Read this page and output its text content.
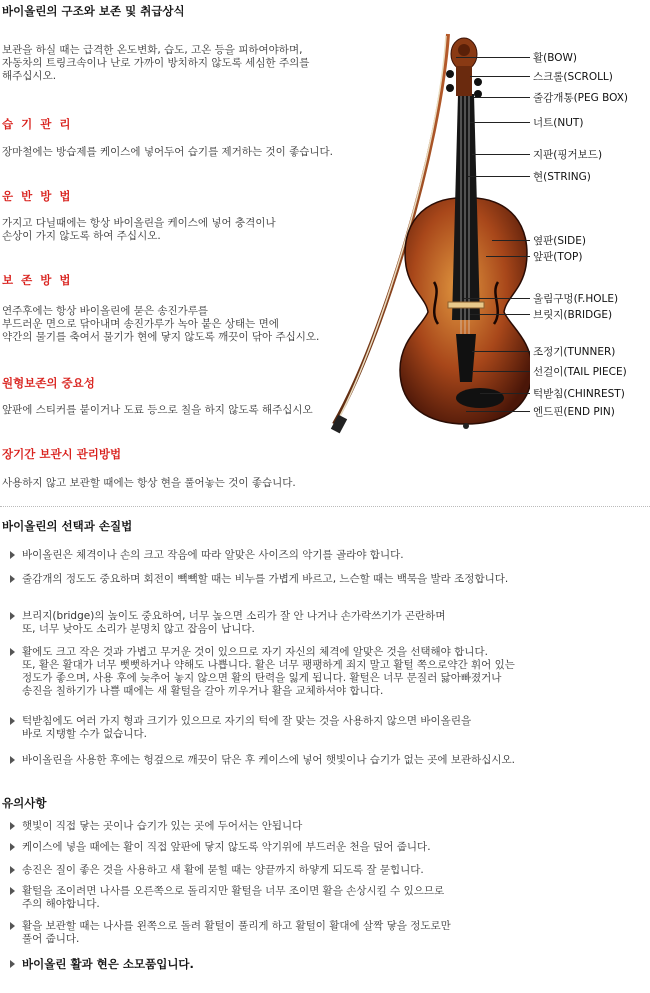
바이올린의 구조와 보존 및 취급상식
보관을 하실 때는 급격한 온도변화, 습도, 고온 등을 피하여야하며,
자동차의 트링크속이나 난로 가까이 방치하지 않도록 세심한 주의를
해주십시오.
습 기 관 리
장마철에는 방습제를 케이스에 넣어두어 습기를 제거하는 것이 좋습니다.
운 반 방 법
가지고 다닐때에는 항상 바이올린을 케이스에 넣어 충격이나
손상이 가지 않도록 하여 주십시오.
보 존 방 법
연주후에는 항상 바이올린에 묻은 송진가루를
부드러운 면으로 닦아내며 송진가루가 녹아 붙은 상태는 면에
약간의 물기를 축여서 물기가 현에 닿지 않도록 깨끗이 닦아 주십시오.
원형보존의 중요성
앞판에 스티커를 붙이거나 도료 등으로 칠을 하지 않도록 해주십시오
장기간 보관시 관리방법
사용하지 않고 보관할 때에는 항상 현을 풀어놓는 것이 좋습니다.
활(BOW)
스크롤(SCROLL)
줄감개통(PEG BOX)
너트(NUT)
지판(핑거보드)
현(STRING)
옆판(SIDE)
앞판(TOP)
울림구멍(F.HOLE)
브릿지(BRIDGE)
조정기(TUNNER)
선걸이(TAIL PIECE)
턱받침(CHINREST)
엔드핀(END PIN)
바이올린의 선택과 손질법
바이올린은 체격이나 손의 크고 작음에 따라 알맞은 사이즈의 악기를 골라야 합니다.
줄감개의 정도도 중요하며 회전이 빽빽할 때는 비누를 가볍게 바르고, 느슨할 때는 백묵을 발라 조정합니다.
브리지(bridge)의 높이도 중요하여, 너무 높으면 소리가 잘 안 나거나 손가락쓰기가 곤란하며
또, 너무 낮아도 소리가 분명치 않고 잡음이 납니다.
활에도 크고 작은 것과 가볍고 무거운 것이 있으므로 자기 자신의 체격에 알맞은 것을 선택해야 합니다.
또, 활은 활대가 너무 뻣뻣하거나 약해도 나쁩니다. 활은 너무 팽팽하게 죄지 말고 활털 쪽으로약간 휘어 있는
정도가 좋으며, 사용 후에 늦추어 놓지 않으면 활의 탄력을 잃게 됩니다. 활털은 너무 문질러 닳아빠졌거나
송진을 칠하기가 나쁠 때에는 새 활털을 갈아 끼우거나 활을 교체하셔야 합니다.
턱받침에도 여러 가지 형과 크기가 있으므로 자기의 턱에 잘 맞는 것을 사용하지 않으면 바이올린을
바로 지탱할 수가 없습니다.
바이올린을 사용한 후에는 헝겊으로 깨끗이 닦은 후 케이스에 넣어 햇빛이나 습기가 없는 곳에 보관하십시오.
유의사항
햇빛이 직접 닿는 곳이나 습기가 있는 곳에 두어서는 안됩니다
케이스에 넣을 때에는 활이 직접 앞판에 닿지 않도록 악기위에 부드러운 천을 덮어 줍니다.
송진은 질이 좋은 것을 사용하고 새 활에 묻힐 때는 양끝까지 하얗게 되도록 잘 묻힙니다.
활털을 조이려면 나사를 오른쪽으로 돌리지만 활털을 너무 조이면 활을 손상시킬 수 있으므로
주의 해야합니다.
활을 보관할 때는 나사를 왼쪽으로 돌려 활털이 풀리게 하고 활털이 활대에 살짝 닿을 정도로만
풀어 줍니다.
바이올린 활과 현은 소모품입니다.
